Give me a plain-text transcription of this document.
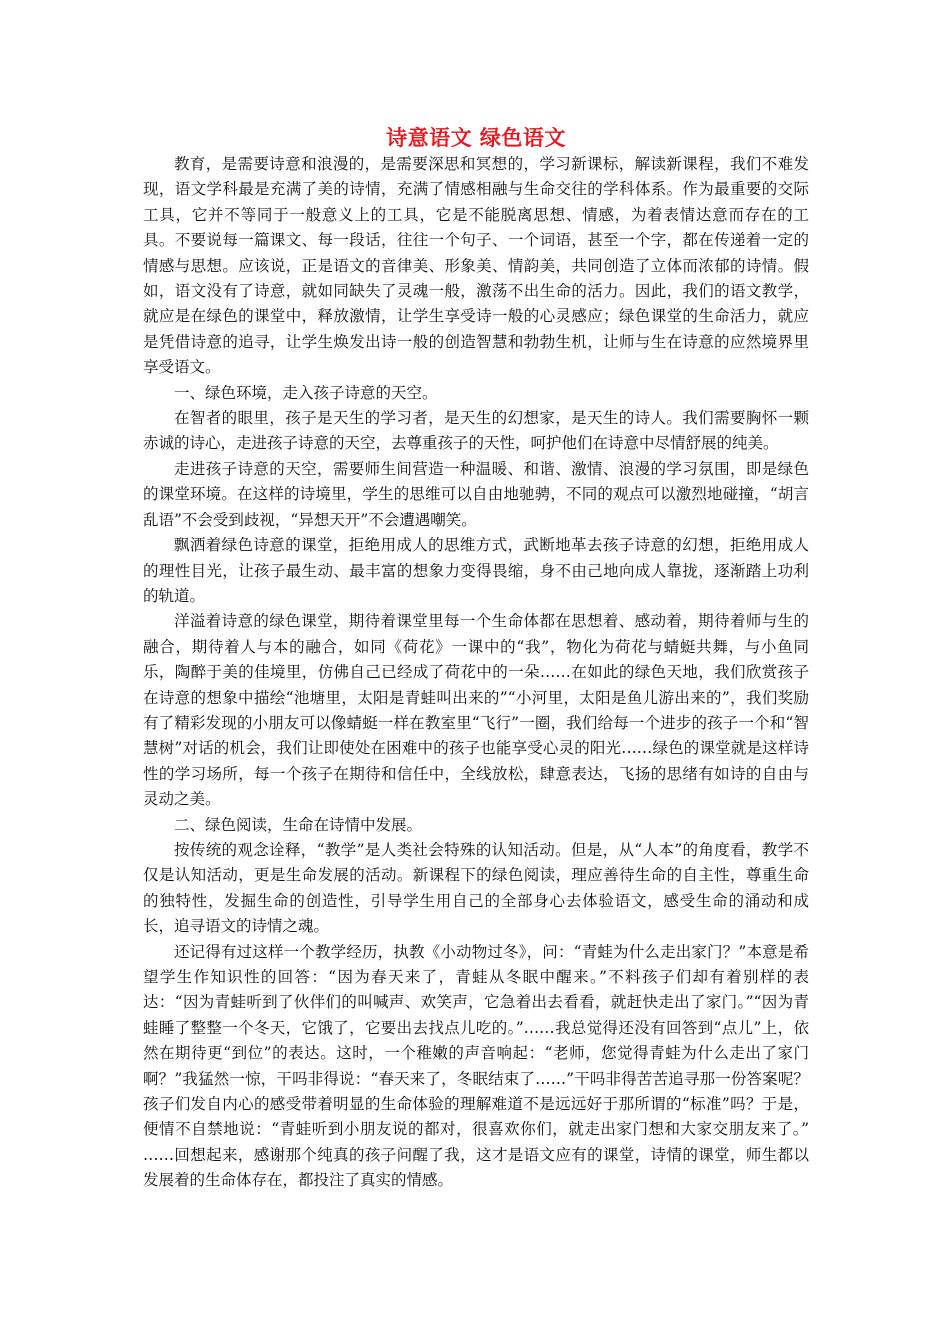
诗意语文 绿色语文

教育，是需要诗意和浪漫的，是需要深思和冥想的，学习新课标，解读新课程，我们不难发现，语文学科最是充满了美的诗情，充满了情感相融与生命交往的学科体系。作为最重要的交际工具，它并不等同于一般意义上的工具，它是不能脱离思想、情感，为着表情达意而存在的工具。不要说每一篇课文、每一段话，往往一个句子、一个词语，甚至一个字，都在传递着一定的情感与思想。应该说，正是语文的音律美、形象美、情韵美，共同创造了立体而浓郁的诗情。假如，语文没有了诗意，就如同缺失了灵魂一般，激荡不出生命的活力。因此，我们的语文教学，就应是在绿色的课堂中，释放激情，让学生享受诗一般的心灵感应；绿色课堂的生命活力，就应是凭借诗意的追寻，让学生焕发出诗一般的创造智慧和勃勃生机，让师与生在诗意的应然境界里享受语文。

一、绿色环境，走入孩子诗意的天空。

在智者的眼里，孩子是天生的学习者，是天生的幻想家，是天生的诗人。我们需要胸怀一颗赤诚的诗心，走进孩子诗意的天空，去尊重孩子的天性，呵护他们在诗意中尽情舒展的纯美。

走进孩子诗意的天空，需要师生间营造一种温暖、和谐、激情、浪漫的学习氛围，即是绿色的课堂环境。在这样的诗境里，学生的思维可以自由地驰骋，不同的观点可以激烈地碰撞，“胡言乱语”不会受到歧视，“异想天开”不会遭遇嘲笑。

飘洒着绿色诗意的课堂，拒绝用成人的思维方式，武断地革去孩子诗意的幻想，拒绝用成人的理性目光，让孩子最生动、最丰富的想象力变得畏缩，身不由己地向成人靠拢，逐渐踏上功利的轨道。

洋溢着诗意的绿色课堂，期待着课堂里每一个生命体都在思想着、感动着，期待着师与生的融合，期待着人与本的融合，如同《荷花》一课中的“我”，物化为荷花与蜻蜓共舞，与小鱼同乐，陶醉于美的佳境里，仿佛自己已经成了荷花中的一朵……在如此的绿色天地，我们欣赏孩子在诗意的想象中描绘“池塘里，太阳是青蛙叫出来的”“小河里，太阳是鱼儿游出来的”，我们奖励有了精彩发现的小朋友可以像蜻蜓一样在教室里“飞行”一圈，我们给每一个进步的孩子一个和“智慧树”对话的机会，我们让即使处在困难中的孩子也能享受心灵的阳光……绿色的课堂就是这样诗性的学习场所，每一个孩子在期待和信任中，全线放松，肆意表达，飞扬的思绪有如诗的自由与灵动之美。

二、绿色阅读，生命在诗情中发展。

按传统的观念诠释，“教学”是人类社会特殊的认知活动。但是，从“人本”的角度看，教学不仅是认知活动，更是生命发展的活动。新课程下的绿色阅读，理应善待生命的自主性，尊重生命的独特性，发掘生命的创造性，引导学生用自己的全部身心去体验语文，感受生命的涌动和成长，追寻语文的诗情之魂。

还记得有过这样一个教学经历，执教《小动物过冬》，问：“青蛙为什么走出家门？”本意是希望学生作知识性的回答：“因为春天来了，青蛙从冬眠中醒来。”不料孩子们却有着别样的表达：“因为青蛙听到了伙伴们的叫喊声、欢笑声，它急着出去看看，就赶快走出了家门。”“因为青蛙睡了整整一个冬天，它饿了，它要出去找点儿吃的。”……我总觉得还没有回答到“点儿”上，依然在期待更“到位”的表达。这时，一个稚嫩的声音响起：“老师，您觉得青蛙为什么走出了家门啊？”我猛然一惊，干吗非得说：“春天来了，冬眠结束了……”干吗非得苦苦追寻那一份答案呢？孩子们发自内心的感受带着明显的生命体验的理解难道不是远远好于那所谓的“标准”吗？于是，便情不自禁地说：“青蛙听到小朋友说的都对，很喜欢你们，就走出家门想和大家交朋友来了。” ……回想起来，感谢那个纯真的孩子问醒了我，这才是语文应有的课堂，诗情的课堂，师生都以发展着的生命体存在，都投注了真实的情感。
